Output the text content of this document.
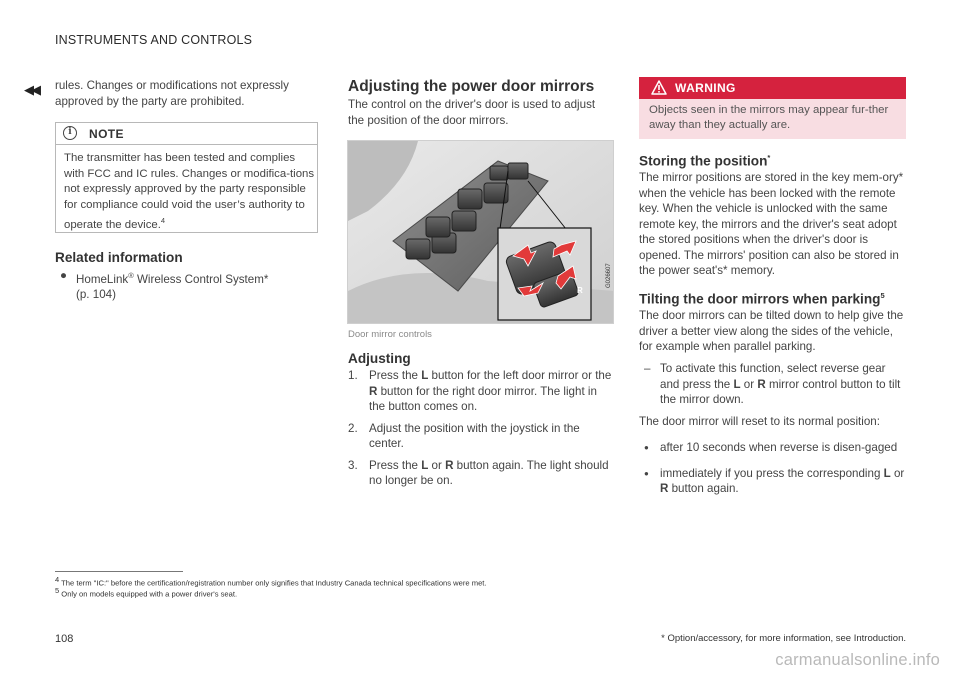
INSTRUMENTS AND CONTROLS
◀◀ rules. Changes or modifications not expressly approved by the party are prohibited.
i	NOTE
The transmitter has been tested and complies with FCC and IC rules. Changes or modifica-tions not expressly approved by the party responsible for compliance could void the user’s authority to operate the device.$^4$
Related information
● HomeLink® Wireless Control System*
(p. 104)
Adjusting the power door mirrors
The control on the driver's door is used to adjust the position of the door mirrors.
R
G026607
Door mirror controls
Adjusting
1. Press the L button for the left door mirror or the R button for the right door mirror. The light in the button comes on.
2. Adjust the position with the joystick in the center.
3. Press the L or R button again. The light should no longer be on.
WARNING
Objects seen in the mirrors may appear fur-ther away than they actually are.
Storing the position*
The mirror positions are stored in the key mem-ory* when the vehicle has been locked with the remote key. When the vehicle is unlocked with the same remote key, the mirrors and the driver's seat adopt the stored positions when the driver's door is opened. The mirrors' position can also be stored in the power seat's* memory.
Tilting the door mirrors when parking$^5$
The door mirrors can be tilted down to help give the driver a better view along the sides of the vehicle, for example when parallel parking.
– To activate this function, select reverse gear and press the L or R mirror control button to tilt the mirror down.
The door mirror will reset to its normal position:
● after 10 seconds when reverse is disen-gaged
● immediately if you press the corresponding L or R button again.
$^4$ The term "IC:" before the certification/registration number only signifies that Industry Canada technical specifications were met.
$^5$ Only on models equipped with a power driver's seat.
108	* Option/accessory, for more information, see Introduction.
carmanualsonline.info
